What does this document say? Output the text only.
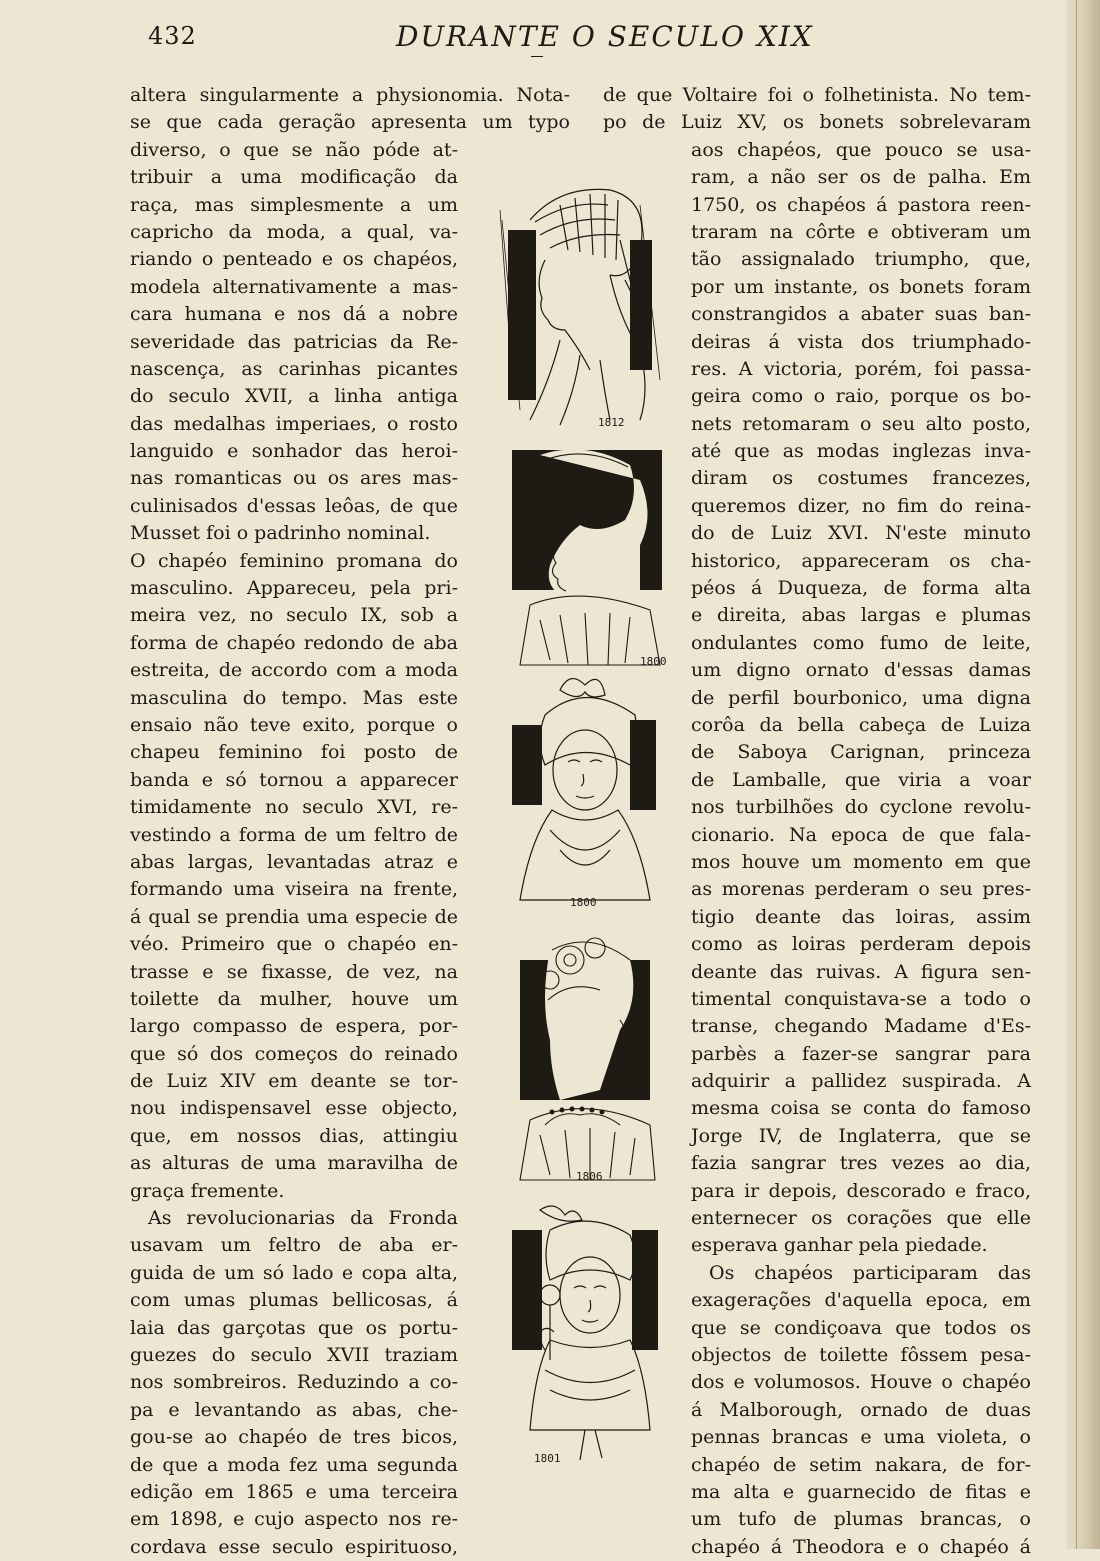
432	DURANTE O SECULO XIX
altera singularmente a physionomia. Nota-
se que cada geração apresenta um typo
diverso, o que se não póde at-
tribuir a uma modificação da
raça, mas simplesmente a um
capricho da moda, a qual, va-
riando o penteado e os chapéos,
modela alternativamente a mas-
cara humana e nos dá a nobre
severidade das patricias da Re-
nascença, as carinhas picantes
do seculo XVII, a linha antiga
das medalhas imperiaes, o rosto
languido e sonhador das heroi-
nas romanticas ou os ares mas-
culinisados d'essas leôas, de que
Musset foi o padrinho nominal.
O chapéo feminino promana do
masculino. Appareceu, pela pri-
meira vez, no seculo IX, sob a
forma de chapéo redondo de aba
estreita, de accordo com a moda
masculina do tempo. Mas este
ensaio não teve exito, porque o
chapeu feminino foi posto de
banda e só tornou a apparecer
timidamente no seculo XVI, re-
vestindo a forma de um feltro de
abas largas, levantadas atraz e
formando uma viseira na frente,
á qual se prendia uma especie de
véo. Primeiro que o chapéo en-
trasse e se fixasse, de vez, na
toilette da mulher, houve um
largo compasso de espera, por-
que só dos começos do reinado
de Luiz XIV em deante se tor-
nou indispensavel esse objecto,
que, em nossos dias, attingiu
as alturas de uma maravilha de
graça fremente.
As revolucionarias da Fronda
usavam um feltro de aba er-
guida de um só lado e copa alta,
com umas plumas bellicosas, á
laia das garçotas que os portu-
guezes do seculo XVII traziam
nos sombreiros. Reduzindo a co-
pa e levantando as abas, che-
gou-se ao chapéo de tres bicos,
de que a moda fez uma segunda
edição em 1865 e uma terceira
em 1898, e cujo aspecto nos re-
cordava esse seculo espirituoso,
de que Voltaire foi o folhetinista. No tem-
po de Luiz XV, os bonets sobrelevaram
aos chapéos, que pouco se usa-
ram, a não ser os de palha. Em
1750, os chapéos á pastora reen-
traram na côrte e obtiveram um
tão assignalado triumpho, que,
por um instante, os bonets foram
constrangidos a abater suas ban-
deiras á vista dos triumphado-
res. A victoria, porém, foi passa-
geira como o raio, porque os bo-
nets retomaram o seu alto posto,
até que as modas inglezas inva-
diram os costumes francezes,
queremos dizer, no fim do reina-
do de Luiz XVI. N'este minuto
historico, appareceram os cha-
péos á Duqueza, de forma alta
e direita, abas largas e plumas
ondulantes como fumo de leite,
um digno ornato d'essas damas
de perfil bourbonico, uma digna
corôa da bella cabeça de Luiza
de Saboya Carignan, princeza
de Lamballe, que viria a voar
nos turbilhões do cyclone revolu-
cionario. Na epoca de que fala-
mos houve um momento em que
as morenas perderam o seu pres-
tigio deante das loiras, assim
como as loiras perderam depois
deante das ruivas. A figura sen-
timental conquistava-se a todo o
transe, chegando Madame d'Es-
parbès a fazer-se sangrar para
adquirir a pallidez suspirada. A
mesma coisa se conta do famoso
Jorge IV, de Inglaterra, que se
fazia sangrar tres vezes ao dia,
para ir depois, descorado e fraco,
enternecer os corações que elle
esperava ganhar pela piedade.
Os chapéos participaram das
exagerações d'aquella epoca, em
que se condiçoava que todos os
objectos de toilette fôssem pesa-
dos e volumosos. Houve o chapéo
á Malborough, ornado de duas
pennas brancas e uma violeta, o
chapéo de setim nakara, de for-
ma alta e guarnecido de fitas e
um tufo de plumas brancas, o
chapéo á Theodora e o chapéo á
1812
1800
1800
1806
1801
